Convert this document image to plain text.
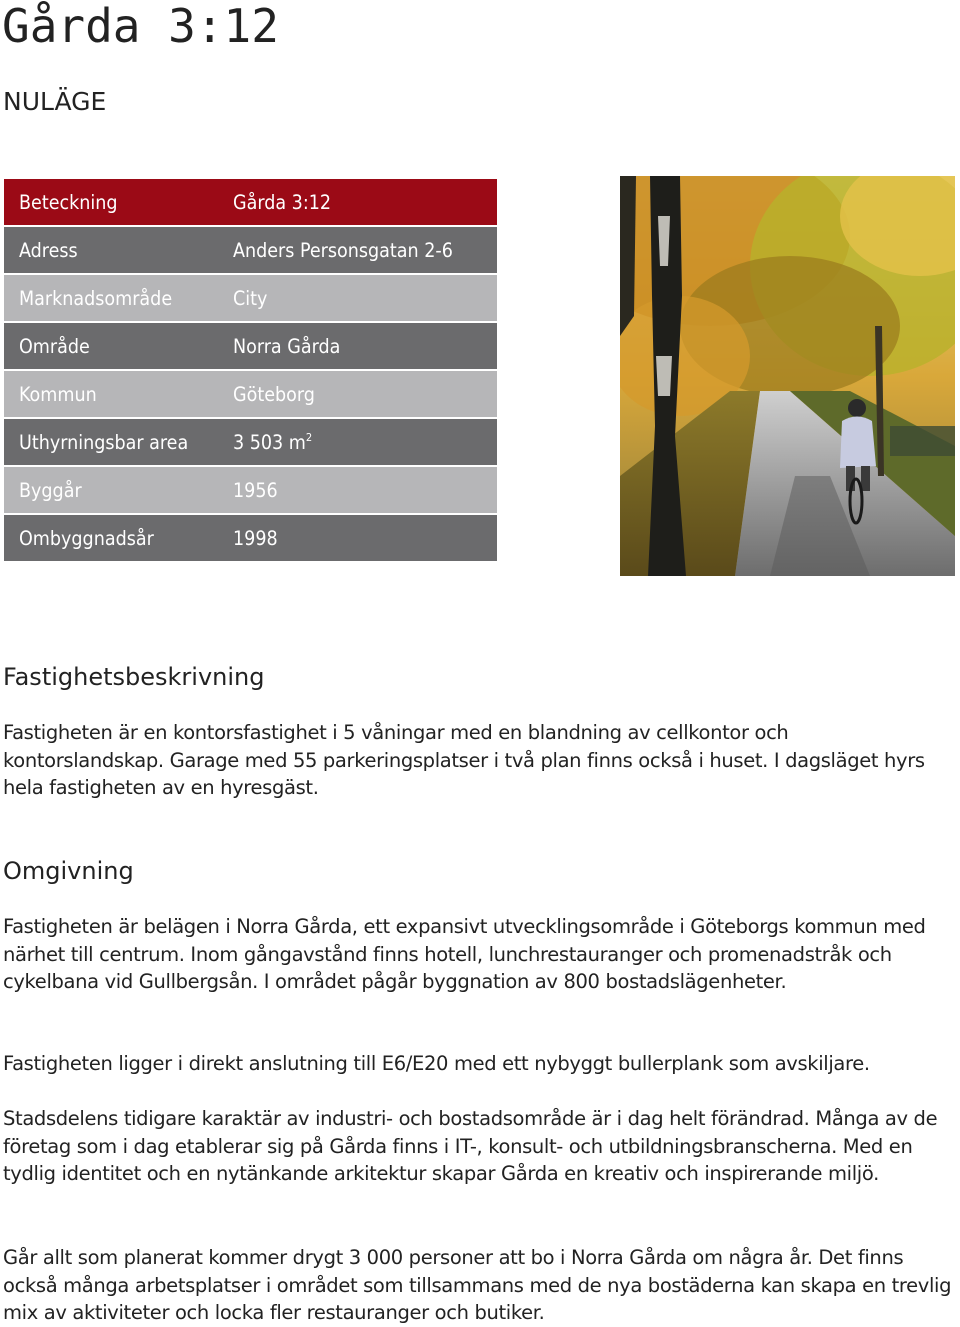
Gårda 3:12
NULÄGE
Beteckning	Gårda 3:12
Adress	Anders Personsgatan 2-6
Marknadsområde	City
Område	Norra Gårda
Kommun	Göteborg
Uthyrningsbar area	3 503 $m^2$
Byggår	1956
Ombyggnadsår	1998
Fastighetsbeskrivning

Fastigheten är en kontorsfastighet i 5 våningar med en blandning av cellkontor och kontorslandskap. Garage med 55 parkeringsplatser i två plan finns också i huset. I dagsläget hyrs hela fastigheten av en hyresgäst.

Omgivning

Fastigheten är belägen i Norra Gårda, ett expansivt utvecklingsområde i Göteborgs kommun med närhet till centrum. Inom gångavstånd finns hotell, lunchrestauranger och promenadstråk och cykelbana vid Gullbergsån. I området pågår byggnation av 800 bostadslägenheter.

Fastigheten ligger i direkt anslutning till E6/E20 med ett nybyggt bullerplank som avskiljare.

Stadsdelens tidigare karaktär av industri- och bostadsområde är i dag helt förändrad. Många av de företag som i dag etablerar sig på Gårda finns i IT-, konsult- och utbildningsbranscherna. Med en tydlig identitet och en nytänkande arkitektur skapar Gårda en kreativ och inspirerande miljö.

Går allt som planerat kommer drygt 3 000 personer att bo i Norra Gårda om några år. Det finns också många arbetsplatser i området som tillsammans med de nya bostäderna kan skapa en trevlig mix av aktiviteter och locka fler restauranger och butiker.
